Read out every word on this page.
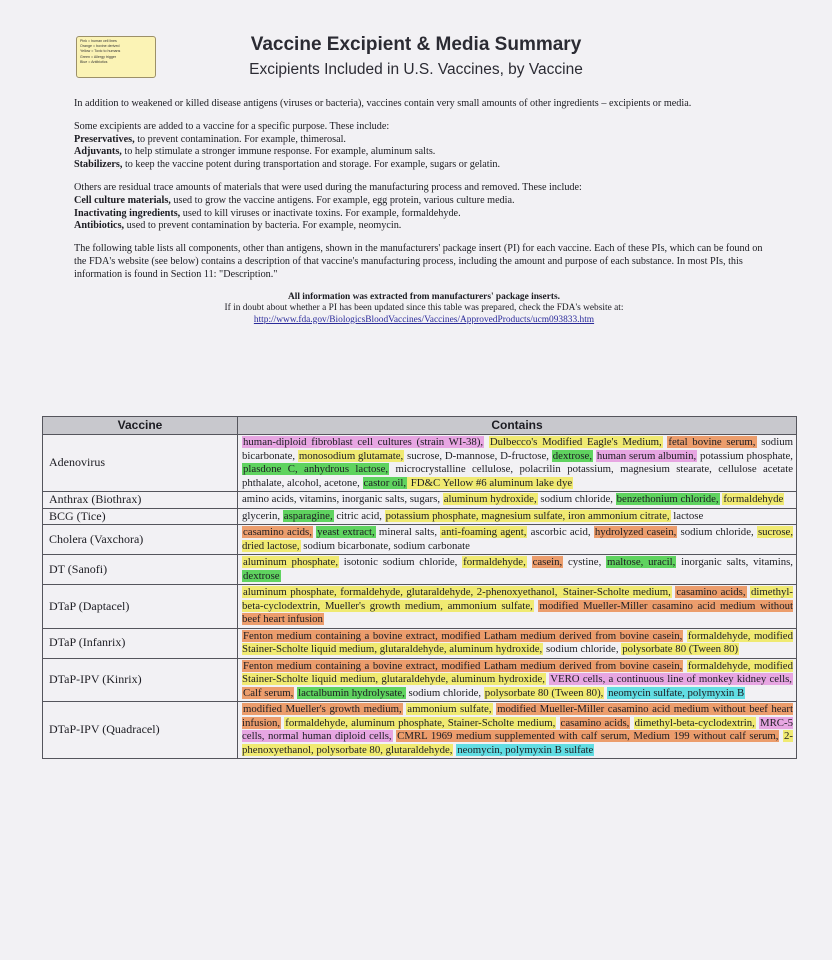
Pink = human cell lines
Orange = bovine derived
Yellow = Toxic to humans
Green = Allergy trigger
Blue = Antibiotics
Vaccine Excipient & Media Summary
Excipients Included in U.S. Vaccines, by Vaccine

In addition to weakened or killed disease antigens (viruses or bacteria), vaccines contain very small amounts of other ingredients – excipients or media.

Some excipients are added to a vaccine for a specific purpose. These include:
Preservatives, to prevent contamination. For example, thimerosal.
Adjuvants, to help stimulate a stronger immune response. For example, aluminum salts.
Stabilizers, to keep the vaccine potent during transportation and storage. For example, sugars or gelatin.

Others are residual trace amounts of materials that were used during the manufacturing process and removed. These include:
Cell culture materials, used to grow the vaccine antigens. For example, egg protein, various culture media.
Inactivating ingredients, used to kill viruses or inactivate toxins. For example, formaldehyde.
Antibiotics, used to prevent contamination by bacteria. For example, neomycin.

The following table lists all components, other than antigens, shown in the manufacturers' package insert (PI) for each vaccine. Each of these PIs, which can be found on the FDA's website (see below) contains a description of that vaccine's manufacturing process, including the amount and purpose of each substance. In most PIs, this information is found in Section 11: "Description."

All information was extracted from manufacturers' package inserts.
If in doubt about whether a PI has been updated since this table was prepared, check the FDA's website at:
http://www.fda.gov/BiologicsBloodVaccines/Vaccines/ApprovedProducts/ucm093833.htm
Vaccine	Contains
Adenovirus	human-diploid fibroblast cell cultures (strain WI-38), Dulbecco's Modified Eagle's Medium, fetal bovine serum, sodium bicarbonate, monosodium glutamate, sucrose, D-mannose, D-fructose, dextrose, human serum albumin, potassium phosphate, plasdone C, anhydrous lactose, microcrystalline cellulose, polacrilin potassium, magnesium stearate, cellulose acetate phthalate, alcohol, acetone, castor oil, FD&C Yellow #6 aluminum lake dye
Anthrax (Biothrax)	amino acids, vitamins, inorganic salts, sugars, aluminum hydroxide, sodium chloride, benzethonium chloride, formaldehyde
BCG (Tice)	glycerin, asparagine, citric acid, potassium phosphate, magnesium sulfate, iron ammonium citrate, lactose
Cholera (Vaxchora)	casamino acids, yeast extract, mineral salts, anti-foaming agent, ascorbic acid, hydrolyzed casein, sodium chloride, sucrose, dried lactose, sodium bicarbonate, sodium carbonate
DT (Sanofi)	aluminum phosphate, isotonic sodium chloride, formaldehyde, casein, cystine, maltose, uracil, inorganic salts, vitamins, dextrose
DTaP (Daptacel)	aluminum phosphate, formaldehyde, glutaraldehyde, 2-phenoxyethanol, Stainer-Scholte medium, casamino acids, dimethyl-beta-cyclodextrin, Mueller's growth medium, ammonium sulfate, modified Mueller-Miller casamino acid medium without beef heart infusion
DTaP (Infanrix)	Fenton medium containing a bovine extract, modified Latham medium derived from bovine casein, formaldehyde, modified Stainer-Scholte liquid medium, glutaraldehyde, aluminum hydroxide, sodium chloride, polysorbate 80 (Tween 80)
DTaP-IPV (Kinrix)	Fenton medium containing a bovine extract, modified Latham medium derived from bovine casein, formaldehyde, modified Stainer-Scholte liquid medium, glutaraldehyde, aluminum hydroxide, VERO cells, a continuous line of monkey kidney cells, Calf serum, lactalbumin hydrolysate, sodium chloride, polysorbate 80 (Tween 80), neomycin sulfate, polymyxin B
DTaP-IPV (Quadracel)	modified Mueller's growth medium, ammonium sulfate, modified Mueller-Miller casamino acid medium without beef heart infusion, formaldehyde, aluminum phosphate, Stainer-Scholte medium, casamino acids, dimethyl-beta-cyclodextrin, MRC-5 cells, normal human diploid cells, CMRL 1969 medium supplemented with calf serum, Medium 199 without calf serum, 2-phenoxyethanol, polysorbate 80, glutaraldehyde, neomycin, polymyxin B sulfate
